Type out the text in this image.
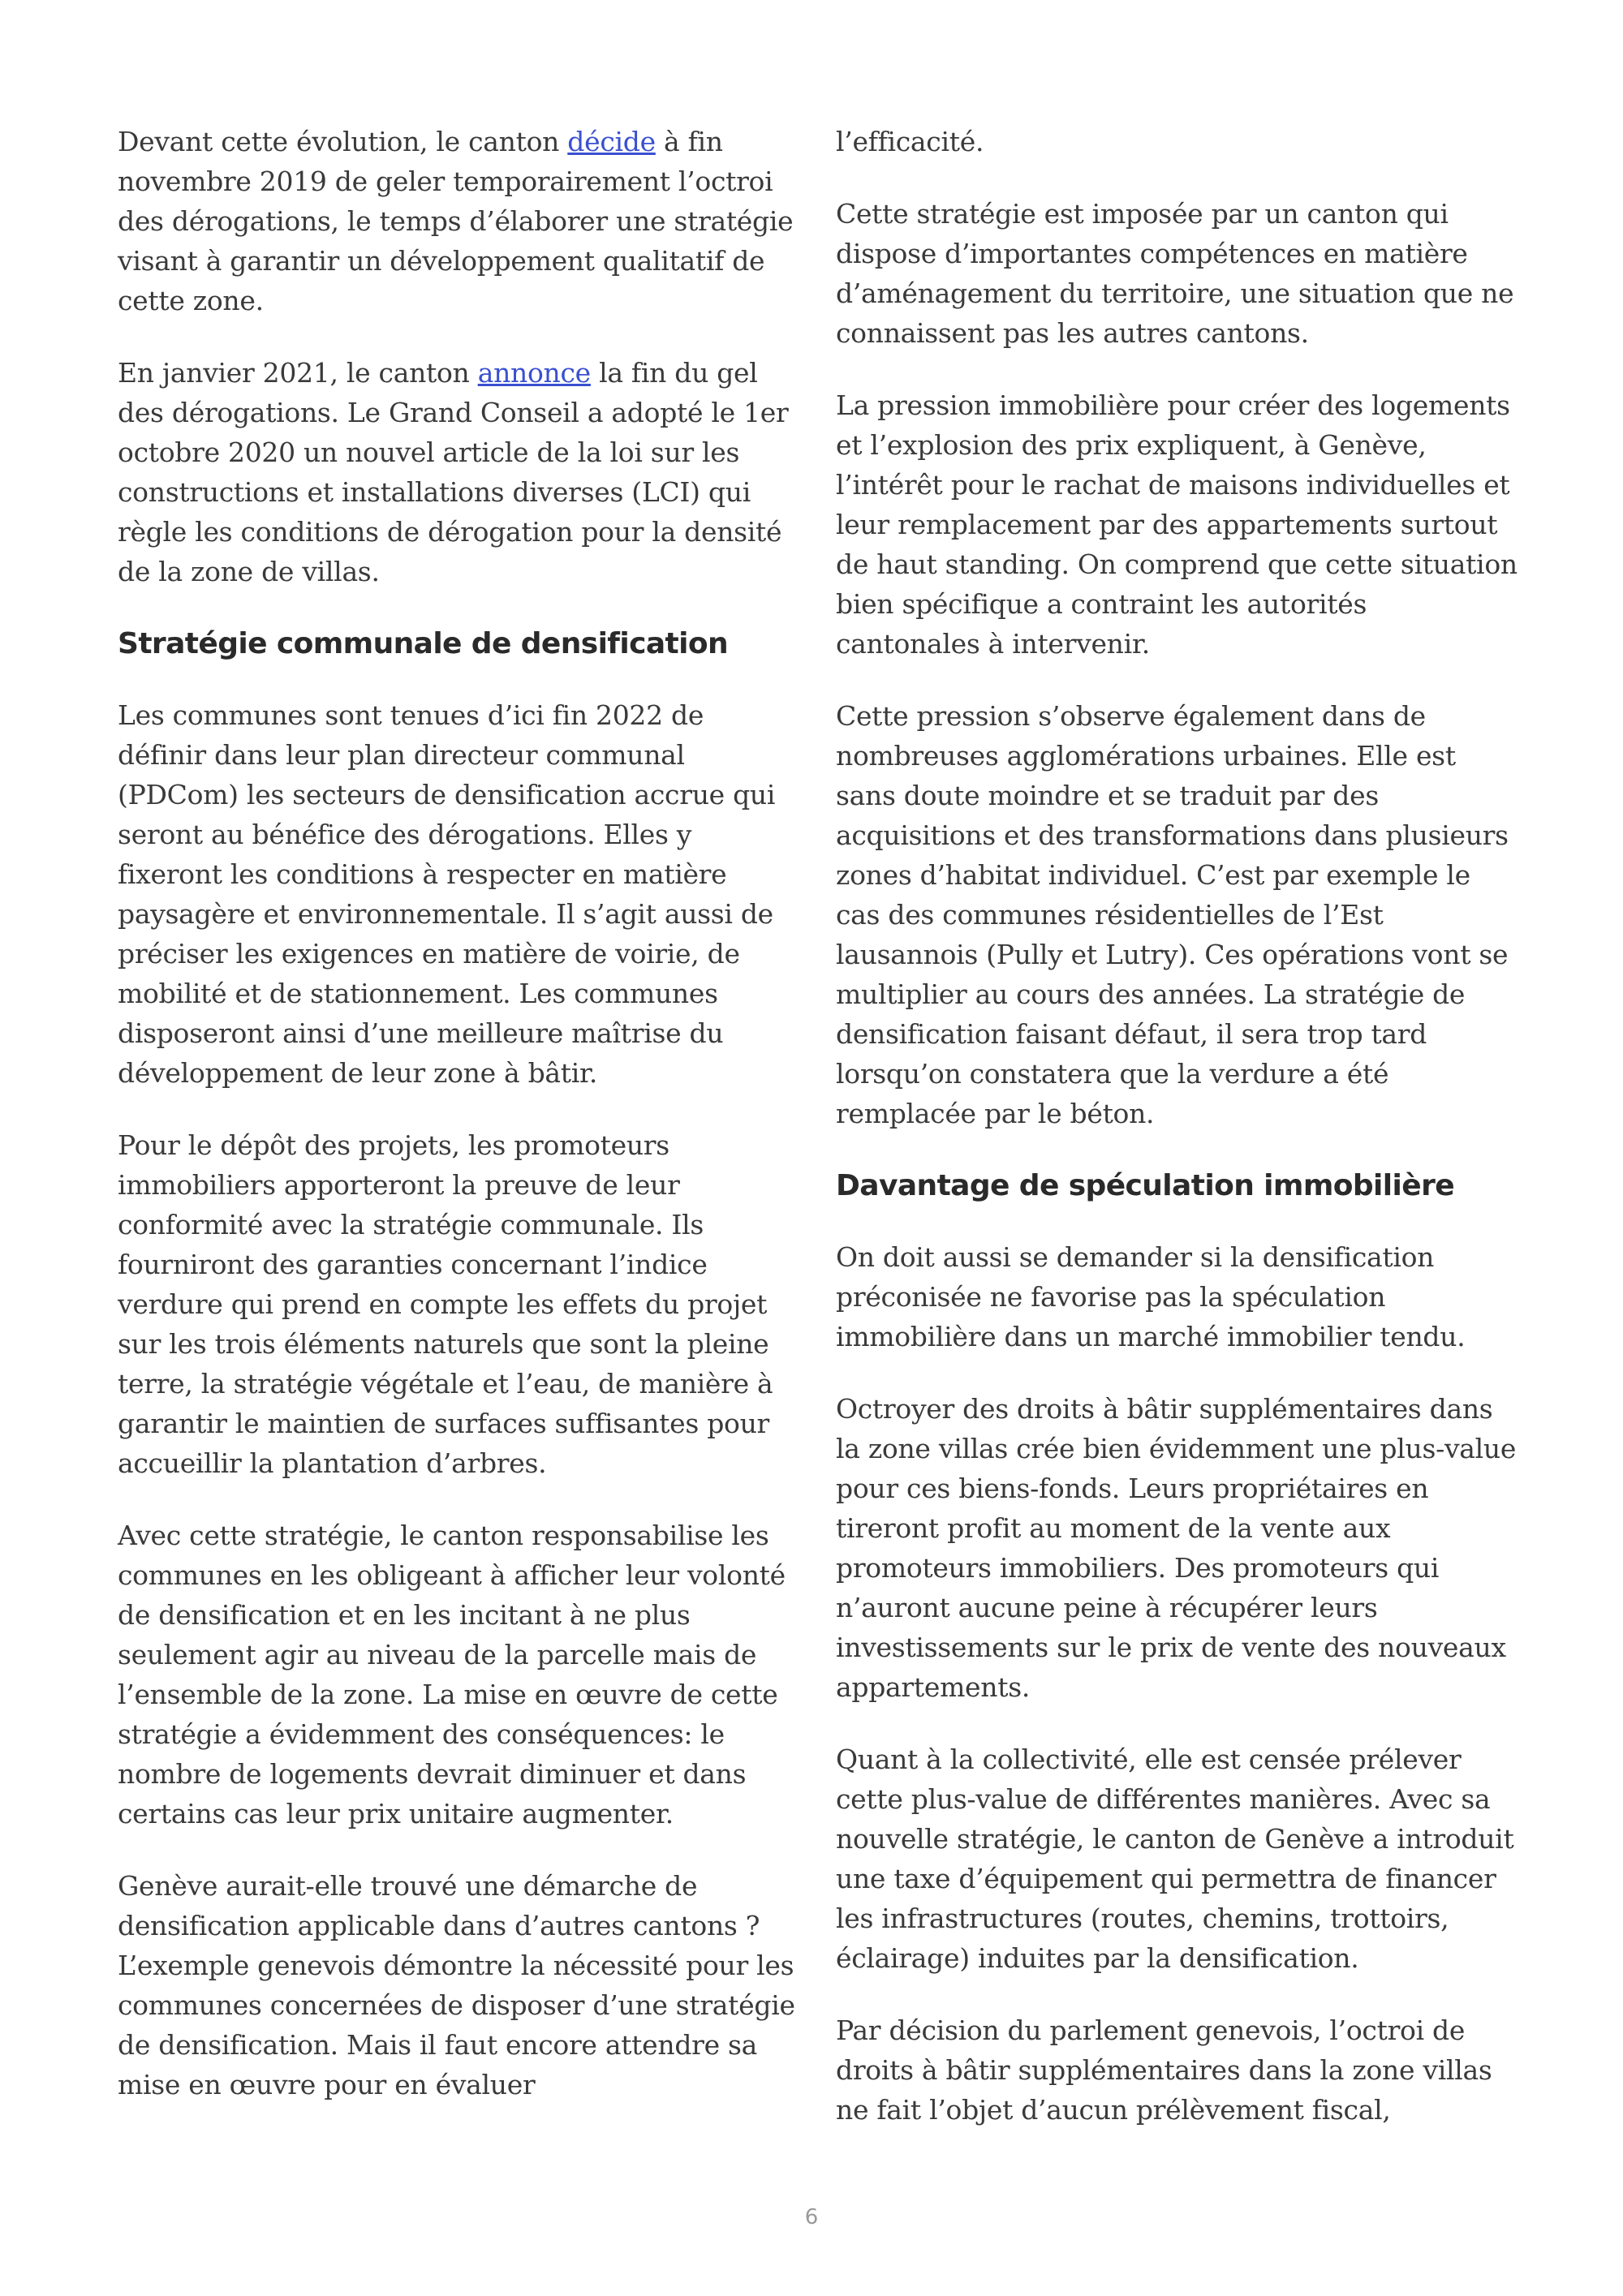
Devant cette évolution, le canton décide à fin novembre 2019 de geler temporairement l’octroi des dérogations, le temps d’élaborer une stratégie visant à garantir un développement qualitatif de cette zone.

En janvier 2021, le canton annonce la fin du gel des dérogations. Le Grand Conseil a adopté le 1er octobre 2020 un nouvel article de la loi sur les constructions et installations diverses (LCI) qui règle les conditions de dérogation pour la densité de la zone de villas.

Stratégie communale de densification

Les communes sont tenues d’ici fin 2022 de définir dans leur plan directeur communal (PDCom) les secteurs de densification accrue qui seront au bénéfice des dérogations. Elles y fixeront les conditions à respecter en matière paysagère et environnementale. Il s’agit aussi de préciser les exigences en matière de voirie, de mobilité et de stationnement. Les communes disposeront ainsi d’une meilleure maîtrise du développement de leur zone à bâtir.

Pour le dépôt des projets, les promoteurs immobiliers apporteront la preuve de leur conformité avec la stratégie communale. Ils fourniront des garanties concernant l’indice verdure qui prend en compte les effets du projet sur les trois éléments naturels que sont la pleine terre, la stratégie végétale et l’eau, de manière à garantir le maintien de surfaces suffisantes pour accueillir la plantation d’arbres.

Avec cette stratégie, le canton responsabilise les communes en les obligeant à afficher leur volonté de densification et en les incitant à ne plus seulement agir au niveau de la parcelle mais de l’ensemble de la zone. La mise en œuvre de cette stratégie a évidemment des conséquences: le nombre de logements devrait diminuer et dans certains cas leur prix unitaire augmenter.

Genève aurait-elle trouvé une démarche de densification applicable dans d’autres cantons ? L’exemple genevois démontre la nécessité pour les communes concernées de disposer d’une stratégie de densification. Mais il faut encore attendre sa mise en œuvre pour en évaluer

l’efficacité.

Cette stratégie est imposée par un canton qui dispose d’importantes compétences en matière d’aménagement du territoire, une situation que ne connaissent pas les autres cantons.

La pression immobilière pour créer des logements et l’explosion des prix expliquent, à Genève, l’intérêt pour le rachat de maisons individuelles et leur remplacement par des appartements surtout de haut standing. On comprend que cette situation bien spécifique a contraint les autorités cantonales à intervenir.

Cette pression s’observe également dans de nombreuses agglomérations urbaines. Elle est sans doute moindre et se traduit par des acquisitions et des transformations dans plusieurs zones d’habitat individuel. C’est par exemple le cas des communes résidentielles de l’Est lausannois (Pully et Lutry). Ces opérations vont se multiplier au cours des années. La stratégie de densification faisant défaut, il sera trop tard lorsqu’on constatera que la verdure a été remplacée par le béton.

Davantage de spéculation immobilière

On doit aussi se demander si la densification préconisée ne favorise pas la spéculation immobilière dans un marché immobilier tendu.

Octroyer des droits à bâtir supplémentaires dans la zone villas crée bien évidemment une plus-value pour ces biens-fonds. Leurs propriétaires en tireront profit au moment de la vente aux promoteurs immobiliers. Des promoteurs qui n’auront aucune peine à récupérer leurs investissements sur le prix de vente des nouveaux appartements.

Quant à la collectivité, elle est censée prélever cette plus-value de différentes manières. Avec sa nouvelle stratégie, le canton de Genève a introduit une taxe d’équipement qui permettra de financer les infrastructures (routes, chemins, trottoirs, éclairage) induites par la densification.

Par décision du parlement genevois, l’octroi de droits à bâtir supplémentaires dans la zone villas ne fait l’objet d’aucun prélèvement fiscal,

6
